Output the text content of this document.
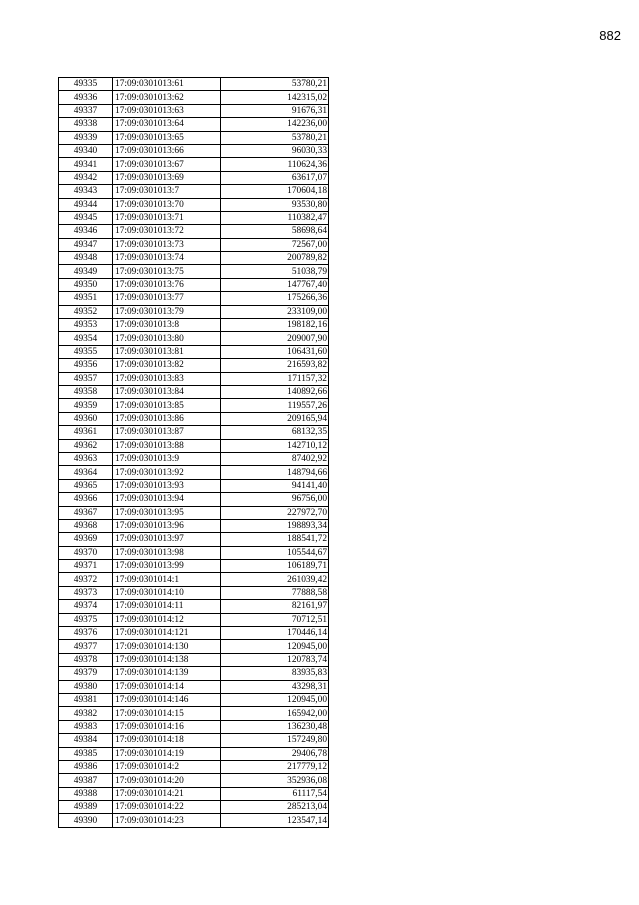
882
49335	17:09:0301013:61	53780,21
49336	17:09:0301013:62	142315,02
49337	17:09:0301013:63	91676,31
49338	17:09:0301013:64	142236,00
49339	17:09:0301013:65	53780,21
49340	17:09:0301013:66	96030,33
49341	17:09:0301013:67	110624,36
49342	17:09:0301013:69	63617,07
49343	17:09:0301013:7	170604,18
49344	17:09:0301013:70	93530,80
49345	17:09:0301013:71	110382,47
49346	17:09:0301013:72	58698,64
49347	17:09:0301013:73	72567,00
49348	17:09:0301013:74	200789,82
49349	17:09:0301013:75	51038,79
49350	17:09:0301013:76	147767,40
49351	17:09:0301013:77	175266,36
49352	17:09:0301013:79	233109,00
49353	17:09:0301013:8	198182,16
49354	17:09:0301013:80	209007,90
49355	17:09:0301013:81	106431,60
49356	17:09:0301013:82	216593,82
49357	17:09:0301013:83	171157,32
49358	17:09:0301013:84	140892,66
49359	17:09:0301013:85	119557,26
49360	17:09:0301013:86	209165,94
49361	17:09:0301013:87	68132,35
49362	17:09:0301013:88	142710,12
49363	17:09:0301013:9	87402,92
49364	17:09:0301013:92	148794,66
49365	17:09:0301013:93	94141,40
49366	17:09:0301013:94	96756,00
49367	17:09:0301013:95	227972,70
49368	17:09:0301013:96	198893,34
49369	17:09:0301013:97	188541,72
49370	17:09:0301013:98	105544,67
49371	17:09:0301013:99	106189,71
49372	17:09:0301014:1	261039,42
49373	17:09:0301014:10	77888,58
49374	17:09:0301014:11	82161,97
49375	17:09:0301014:12	70712,51
49376	17:09:0301014:121	170446,14
49377	17:09:0301014:130	120945,00
49378	17:09:0301014:138	120783,74
49379	17:09:0301014:139	83935,83
49380	17:09:0301014:14	43298,31
49381	17:09:0301014:146	120945,00
49382	17:09:0301014:15	165942,00
49383	17:09:0301014:16	136230,48
49384	17:09:0301014:18	157249,80
49385	17:09:0301014:19	29406,78
49386	17:09:0301014:2	217779,12
49387	17:09:0301014:20	352936,08
49388	17:09:0301014:21	61117,54
49389	17:09:0301014:22	285213,04
49390	17:09:0301014:23	123547,14
